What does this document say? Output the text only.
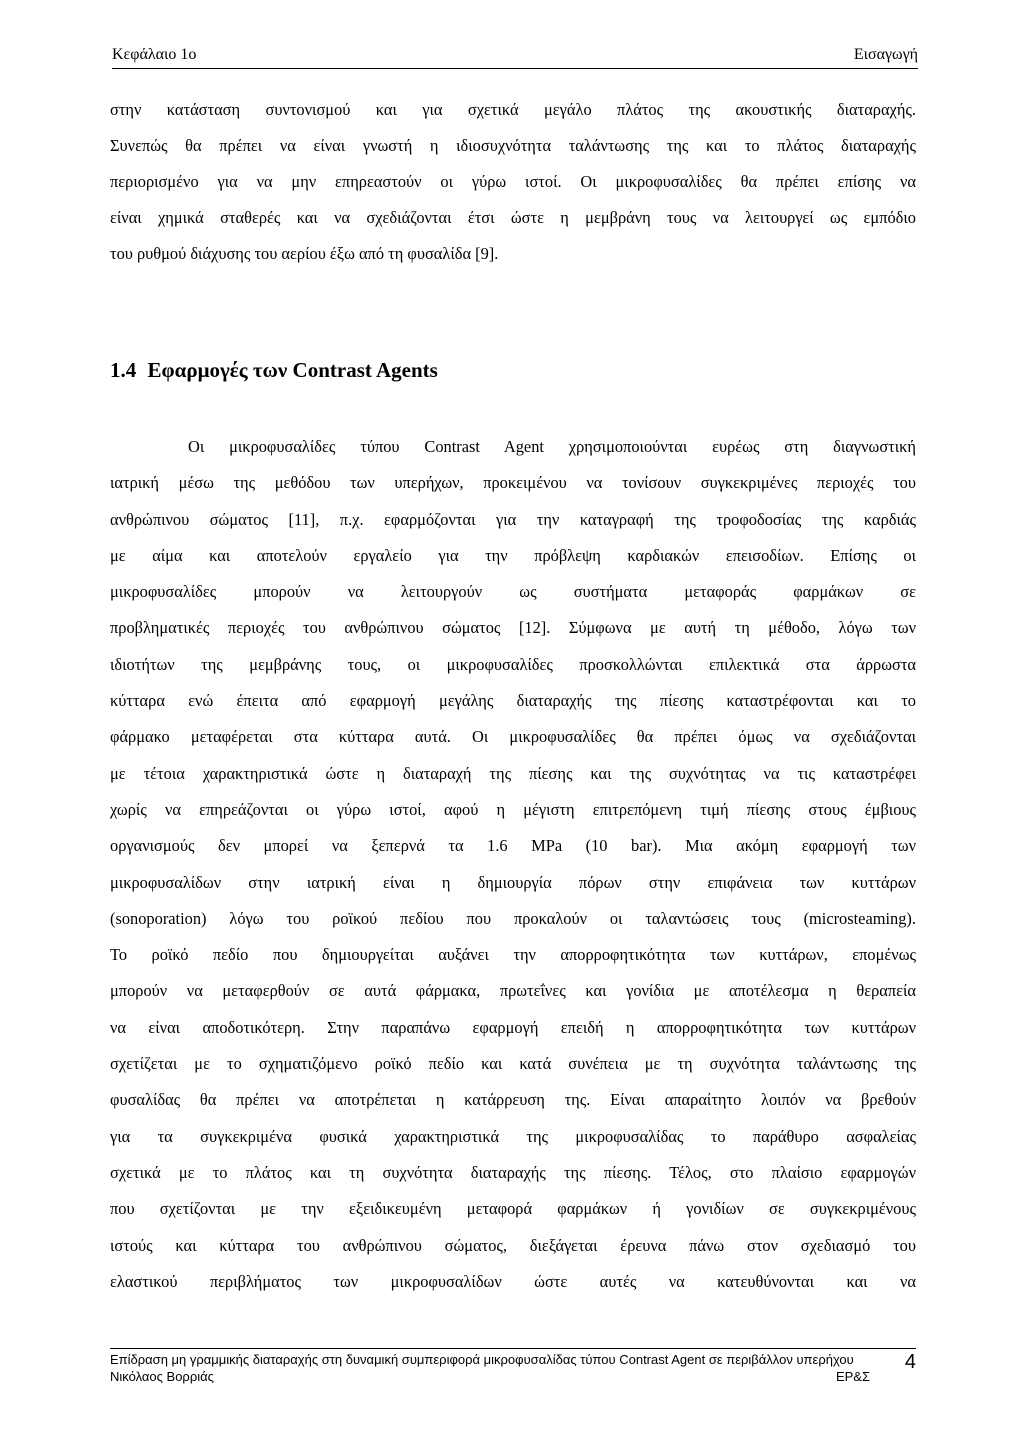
Κεφάλαιο 1ο	Εισαγωγή
στην κατάσταση συντονισμού και για σχετικά μεγάλο πλάτος της ακουστικής διαταραχής.
Συνεπώς θα πρέπει να είναι γνωστή η ιδιοσυχνότητα ταλάντωσης της και το πλάτος διαταραχής
περιορισμένο για να μην επηρεαστούν οι γύρω ιστοί. Οι μικροφυσαλίδες θα πρέπει επίσης να
είναι χημικά σταθερές και να σχεδιάζονται έτσι ώστε η μεμβράνη τους να λειτουργεί ως εμπόδιο
του ρυθμού διάχυσης του αερίου έξω από τη φυσαλίδα [9].
1.4 Εφαρμογές των Contrast Agents
Οι μικροφυσαλίδες τύπου Contrast Agent χρησιμοποιούνται ευρέως στη διαγνωστική
ιατρική μέσω της μεθόδου των υπερήχων, προκειμένου να τονίσουν συγκεκριμένες περιοχές του
ανθρώπινου σώματος [11], π.χ. εφαρμόζονται για την καταγραφή της τροφοδοσίας της καρδιάς
με αίμα και αποτελούν εργαλείο για την πρόβλεψη καρδιακών επεισοδίων. Επίσης οι
μικροφυσαλίδες μπορούν να λειτουργούν ως συστήματα μεταφοράς φαρμάκων σε
προβληματικές περιοχές του ανθρώπινου σώματος [12]. Σύμφωνα με αυτή τη μέθοδο, λόγω των
ιδιοτήτων της μεμβράνης τους, οι μικροφυσαλίδες προσκολλώνται επιλεκτικά στα άρρωστα
κύτταρα ενώ έπειτα από εφαρμογή μεγάλης διαταραχής της πίεσης καταστρέφονται και το
φάρμακο μεταφέρεται στα κύτταρα αυτά. Οι μικροφυσαλίδες θα πρέπει όμως να σχεδιάζονται
με τέτοια χαρακτηριστικά ώστε η διαταραχή της πίεσης και της συχνότητας να τις καταστρέφει
χωρίς να επηρεάζονται οι γύρω ιστοί, αφού η μέγιστη επιτρεπόμενη τιμή πίεσης στους έμβιους
οργανισμούς δεν μπορεί να ξεπερνά τα 1.6 MPa (10 bar). Μια ακόμη εφαρμογή των
μικροφυσαλίδων στην ιατρική είναι η δημιουργία πόρων στην επιφάνεια των κυττάρων
(sonoporation) λόγω του ροϊκού πεδίου που προκαλούν οι ταλαντώσεις τους (microsteaming).
Το ροϊκό πεδίο που δημιουργείται αυξάνει την απορροφητικότητα των κυττάρων, επομένως
μπορούν να μεταφερθούν σε αυτά φάρμακα, πρωτεΐνες και γονίδια με αποτέλεσμα η θεραπεία
να είναι αποδοτικότερη. Στην παραπάνω εφαρμογή επειδή η απορροφητικότητα των κυττάρων
σχετίζεται με το σχηματιζόμενο ροϊκό πεδίο και κατά συνέπεια με τη συχνότητα ταλάντωσης της
φυσαλίδας θα πρέπει να αποτρέπεται η κατάρρευση της. Είναι απαραίτητο λοιπόν να βρεθούν
για τα συγκεκριμένα φυσικά χαρακτηριστικά της μικροφυσαλίδας το παράθυρο ασφαλείας
σχετικά με το πλάτος και τη συχνότητα διαταραχής της πίεσης. Τέλος, στο πλαίσιο εφαρμογών
που σχετίζονται με την εξειδικευμένη μεταφορά φαρμάκων ή γονιδίων σε συγκεκριμένους
ιστούς και κύτταρα του ανθρώπινου σώματος, διεξάγεται έρευνα πάνω στον σχεδιασμό του
ελαστικού περιβλήματος των μικροφυσαλίδων ώστε αυτές να κατευθύνονται και να
Επίδραση μη γραμμικής διαταραχής στη δυναμική συμπεριφορά μικροφυσαλίδας τύπου Contrast Agent σε περιβάλλον υπερήχου	4
Νικόλαος Βορριάς	ΕΡ&Σ
